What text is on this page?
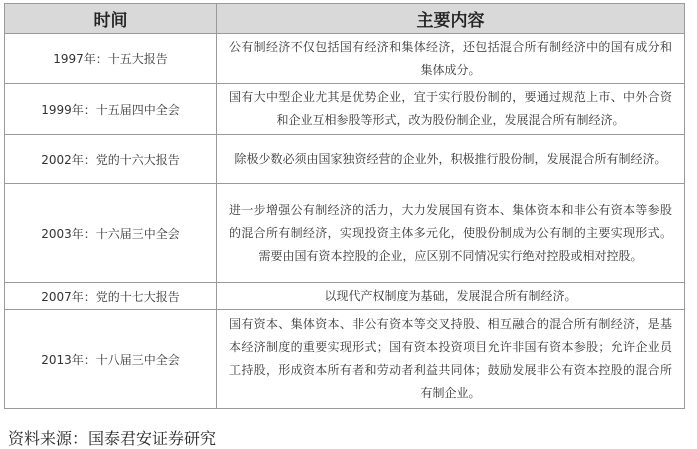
时间	主要内容
1997年：十五大报告	公有制经济不仅包括国有经济和集体经济，还包括混合所有制经济中的国有成分和集体成分。
1999年：十五届四中全会	国有大中型企业尤其是优势企业，宜于实行股份制的，要通过规范上市、中外合资和企业互相参股等形式，改为股份制企业，发展混合所有制经济。
2002年：党的十六大报告	除极少数必须由国家独资经营的企业外，积极推行股份制，发展混合所有制经济。
2003年：十六届三中全会	进一步增强公有制经济的活力，大力发展国有资本、集体资本和非公有资本等参股的混合所有制经济，实现投资主体多元化，使股份制成为公有制的主要实现形式。需要由国有资本控股的企业，应区别不同情况实行绝对控股或相对控股。
2007年：党的十七大报告	以现代产权制度为基础，发展混合所有制经济。
2013年：十八届三中全会	国有资本、集体资本、非公有资本等交叉持股、相互融合的混合所有制经济，是基本经济制度的重要实现形式；国有资本投资项目允许非国有资本参股；允许企业员工持股，形成资本所有者和劳动者利益共同体；鼓励发展非公有资本控股的混合所有制企业。
资料来源：国泰君安证券研究
